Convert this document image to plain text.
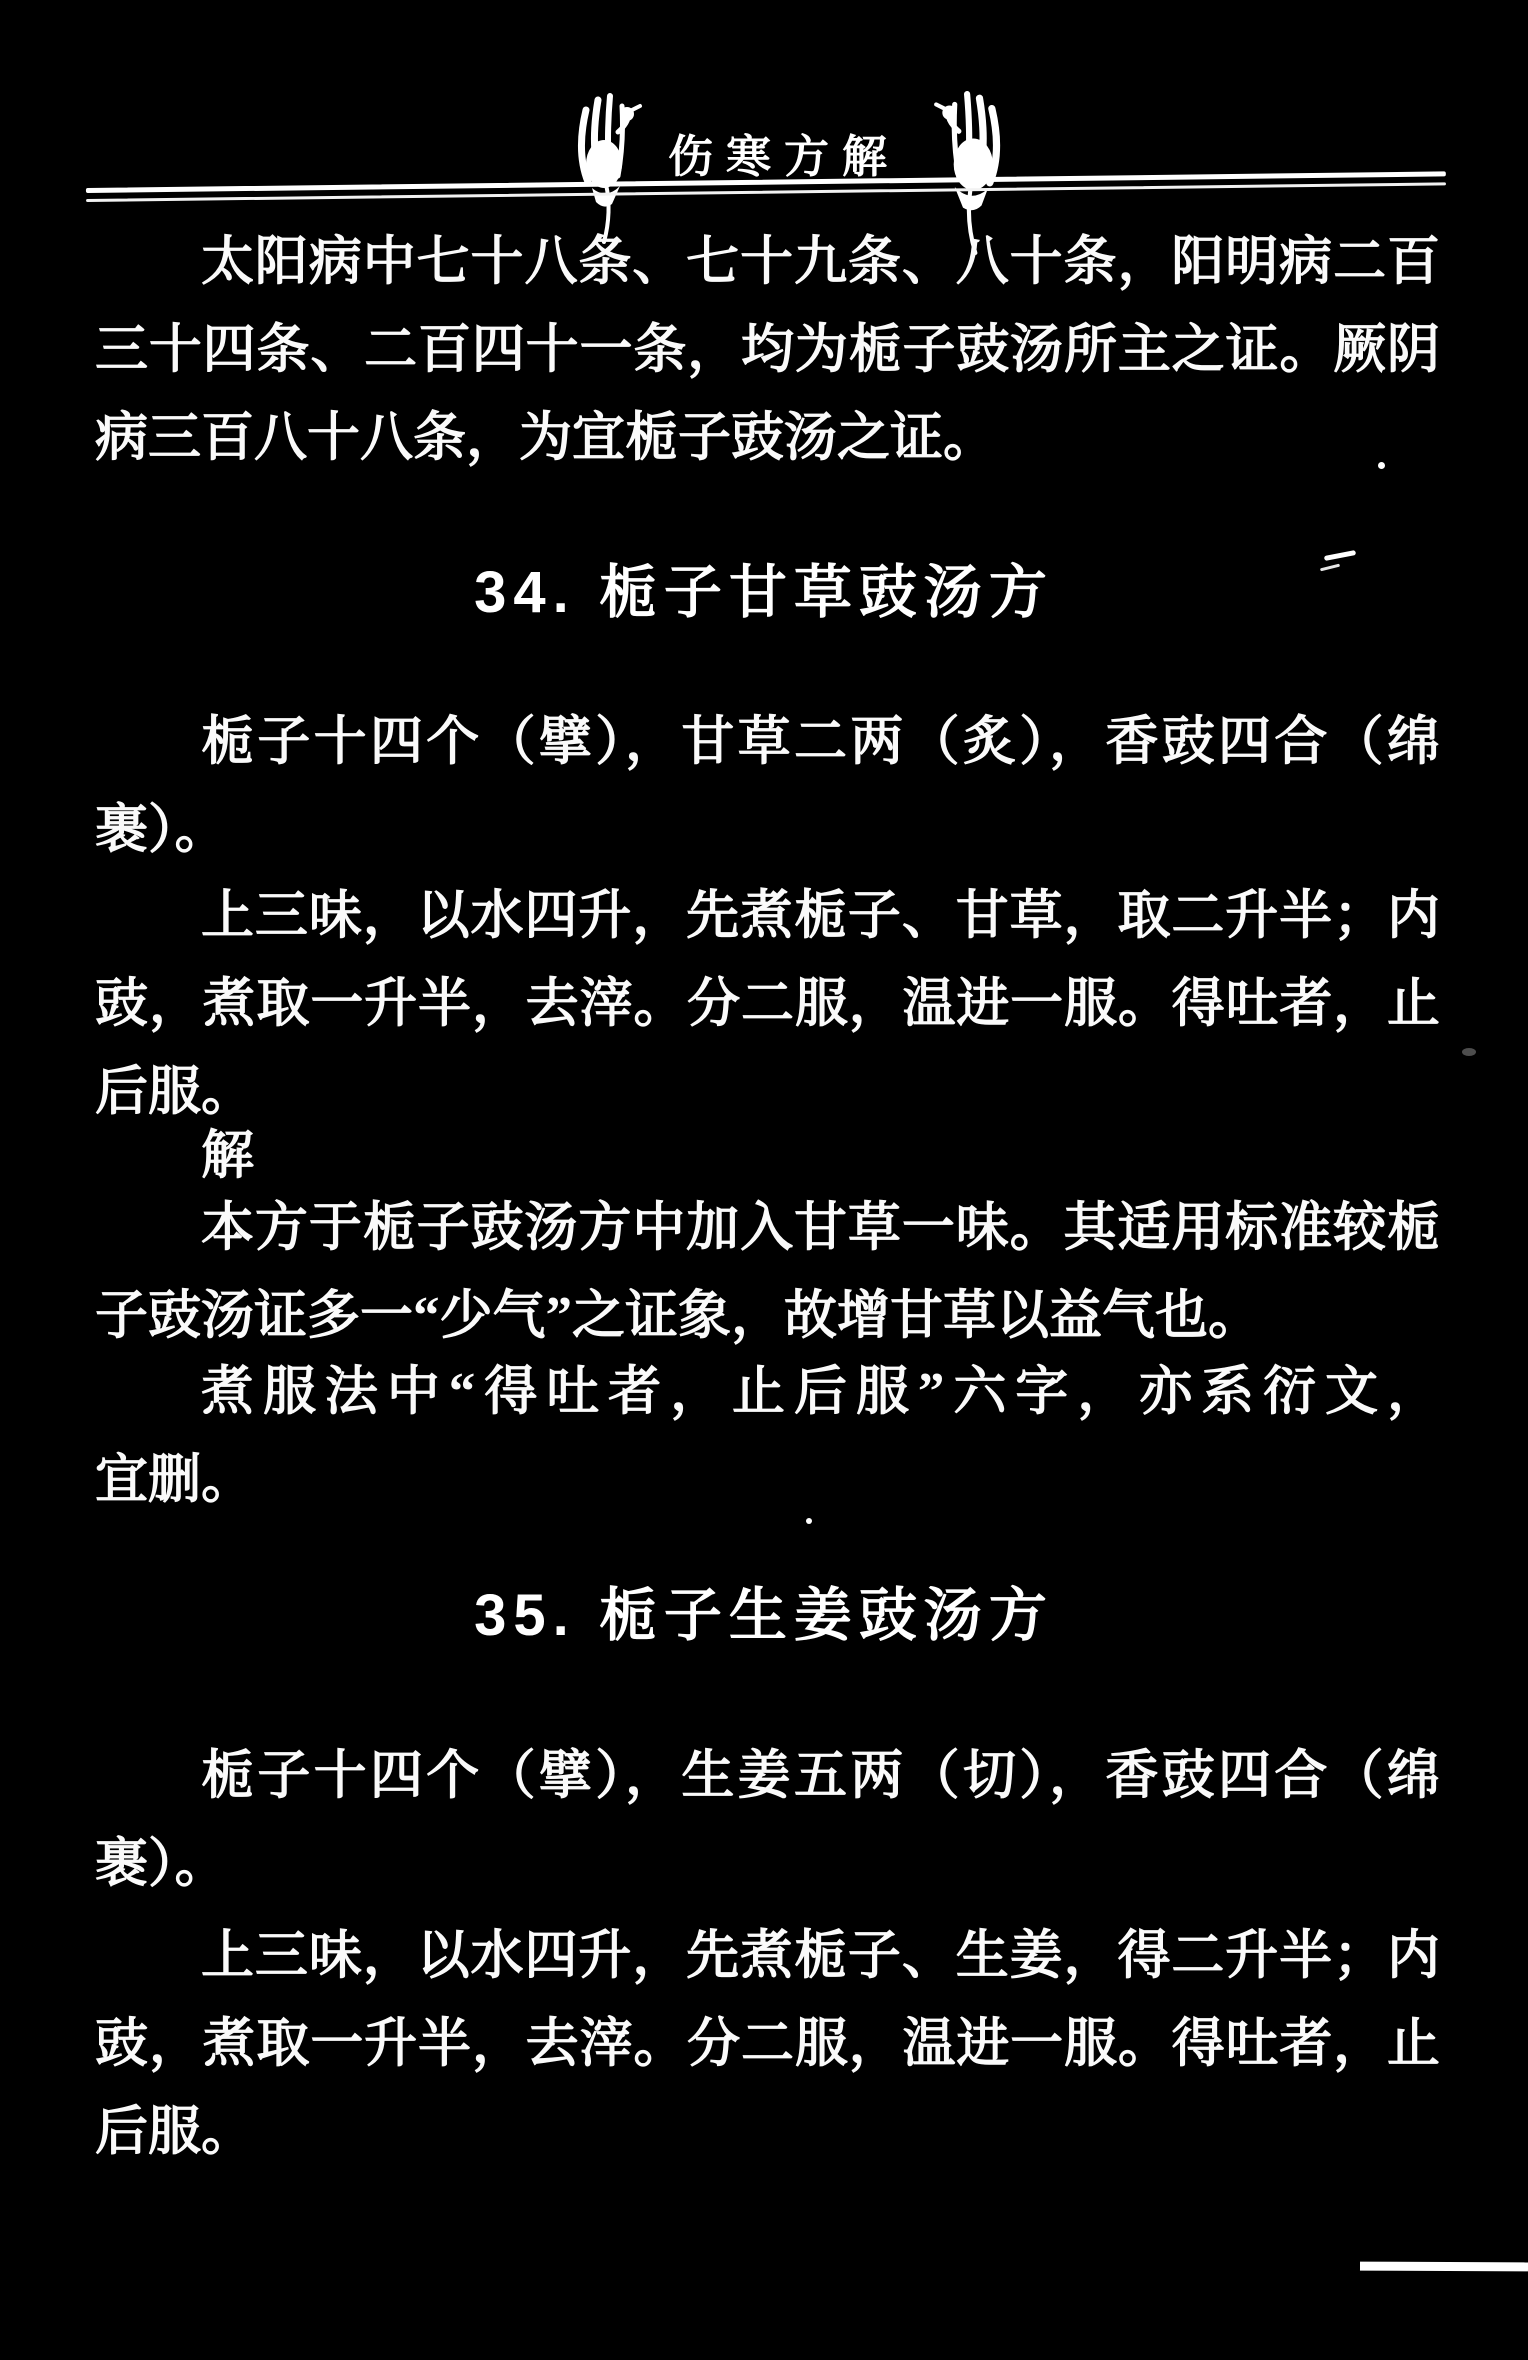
伤寒方解
太阳病中七十八条、七十九条、八十条，阳明病二百
三十四条、二百四十一条，均为栀子豉汤所主之证。厥阴
病三百八十八条，为宜栀子豉汤之证。
34. 栀子甘草豉汤方
栀子十四个（擘），甘草二两（炙），香豉四合（绵
裹）。
上三味，以水四升，先煮栀子、甘草，取二升半；内
豉，煮取一升半，去滓。分二服，温进一服。得吐者，止
后服。
解
本方于栀子豉汤方中加入甘草一味。其适用标准较栀
子豉汤证多一“少气”之证象，故增甘草以益气也。
煮服法中“得吐者，止后服”六字，亦系衍文，
宜删。
35. 栀子生姜豉汤方
栀子十四个（擘），生姜五两（切），香豉四合（绵
裹）。
上三味，以水四升，先煮栀子、生姜，得二升半；内
豉，煮取一升半，去滓。分二服，温进一服。得吐者，止
后服。
